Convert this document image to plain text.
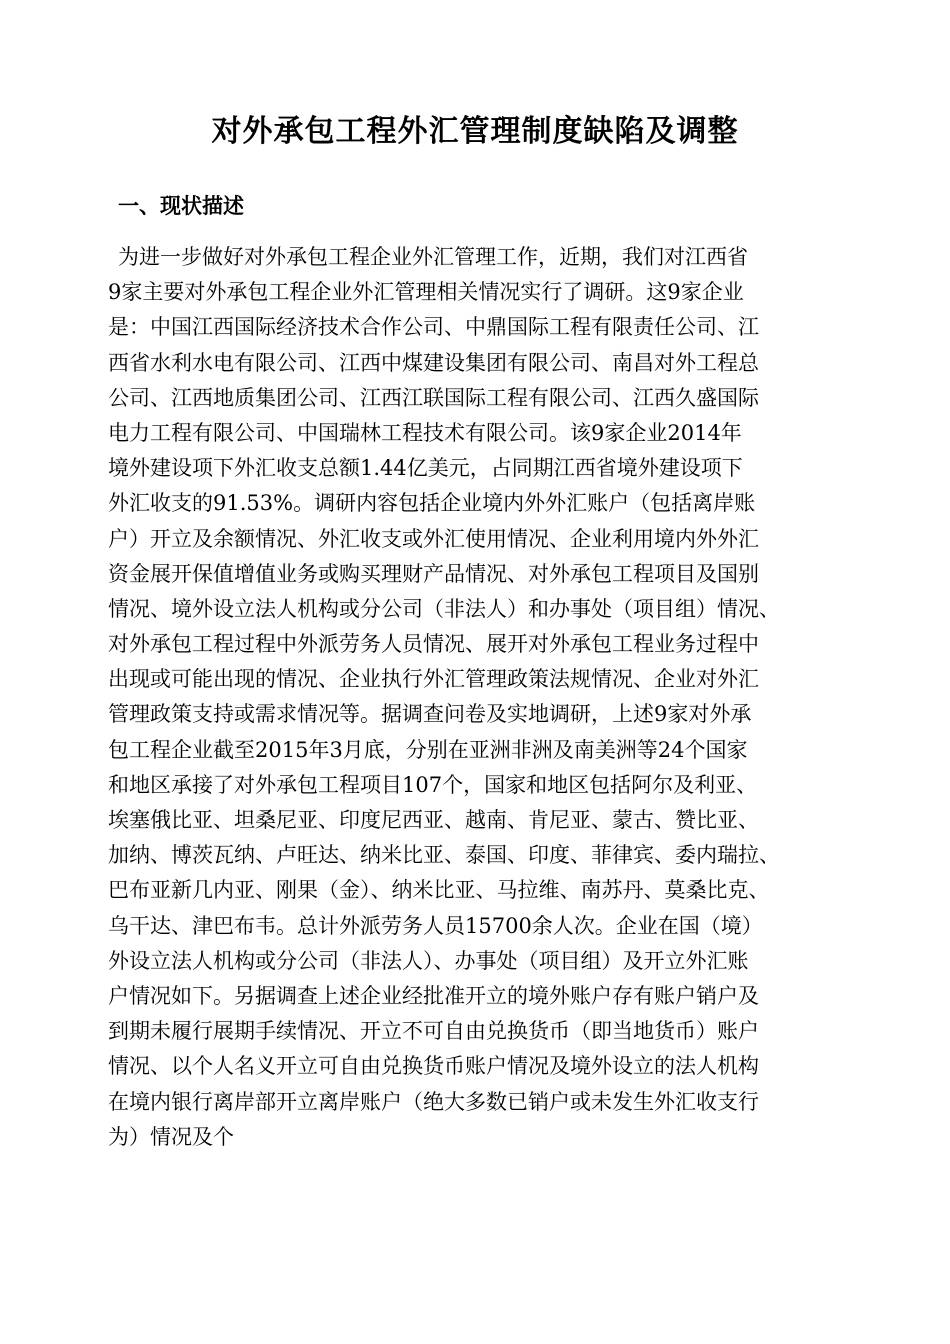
对外承包工程外汇管理制度缺陷及调整
一、现状描述
为进一步做好对外承包工程企业外汇管理工作，近期，我们对江西省
9家主要对外承包工程企业外汇管理相关情况实行了调研。这9家企业
是：中国江西国际经济技术合作公司、中鼎国际工程有限责任公司、江
西省水利水电有限公司、江西中煤建设集团有限公司、南昌对外工程总
公司、江西地质集团公司、江西江联国际工程有限公司、江西久盛国际
电力工程有限公司、中国瑞林工程技术有限公司。该9家企业2014年
境外建设项下外汇收支总额1.44亿美元，占同期江西省境外建设项下
外汇收支的91.53%。调研内容包括企业境内外外汇账户（包括离岸账
户）开立及余额情况、外汇收支或外汇使用情况、企业利用境内外外汇
资金展开保值增值业务或购买理财产品情况、对外承包工程项目及国别
情况、境外设立法人机构或分公司（非法人）和办事处（项目组）情况、
对外承包工程过程中外派劳务人员情况、展开对外承包工程业务过程中
出现或可能出现的情况、企业执行外汇管理政策法规情况、企业对外汇
管理政策支持或需求情况等。据调查问卷及实地调研，上述9家对外承
包工程企业截至2015年3月底，分别在亚洲非洲及南美洲等24个国家
和地区承接了对外承包工程项目107个，国家和地区包括阿尔及利亚、
埃塞俄比亚、坦桑尼亚、印度尼西亚、越南、肯尼亚、蒙古、赞比亚、
加纳、博茨瓦纳、卢旺达、纳米比亚、泰国、印度、菲律宾、委内瑞拉、
巴布亚新几内亚、刚果（金）、纳米比亚、马拉维、南苏丹、莫桑比克、
乌干达、津巴布韦。总计外派劳务人员15700余人次。企业在国（境）
外设立法人机构或分公司（非法人）、办事处（项目组）及开立外汇账
户情况如下。另据调查上述企业经批准开立的境外账户存有账户销户及
到期未履行展期手续情况、开立不可自由兑换货币（即当地货币）账户
情况、以个人名义开立可自由兑换货币账户情况及境外设立的法人机构
在境内银行离岸部开立离岸账户（绝大多数已销户或未发生外汇收支行
为）情况及个
